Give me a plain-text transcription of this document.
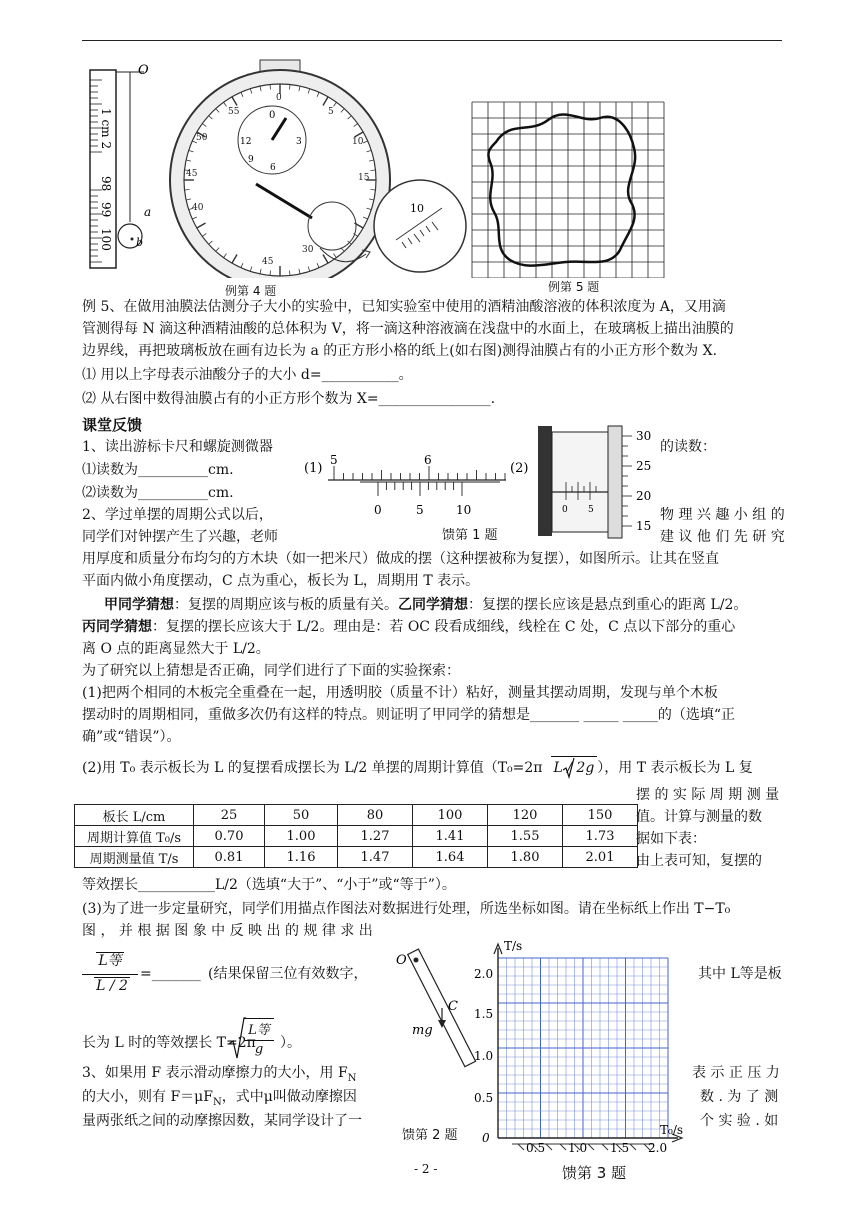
O
a
b
1 cm 2
98
99
100
0
12	3
6
9
0
55
50
45
40
5
10
15
30
45
10
例第 4 题	例第 5 题
例 5、在做用油膜法估测分子大小的实验中，已知实验室中使用的酒精油酸溶液的体积浓度为 A，又用滴
管测得每 N 滴这种酒精油酸的总体积为 V，将一滴这种溶液滴在浅盘中的水面上，在玻璃板上描出油膜的
边界线，再把玻璃板放在画有边长为 a 的正方形小格的纸上(如右图)测得油膜占有的小正方形个数为 X.
⑴ 用以上字母表示油酸分子的大小 d=___________。
⑵ 从右图中数得油膜占有的小正方形个数为 X=________________.
课堂反馈
1、读出游标卡尺和螺旋测微器	的读数：
⑴读数为__________cm.
⑵读数为__________cm.
(1)	(2)
5	6
0	5	10
馈第 1 题
30
25
20
15
0 5
2、学过单摆的周期公式以后，	物 理 兴 趣 小 组 的
同学们对钟摆产生了兴趣，老师	建 议 他 们 先 研 究
用厚度和质量分布均匀的方木块（如一把米尺）做成的摆（这种摆被称为复摆），如图所示。让其在竖直
平面内做小角度摆动，C 点为重心，板长为 L，周期用 T 表示。
甲同学猜想：复摆的周期应该与板的质量有关。乙同学猜想：复摆的摆长应该是悬点到重心的距离 L/2。
丙同学猜想：复摆的摆长应该大于 L/2。理由是：若 OC 段看成细线，线栓在 C 处，C 点以下部分的重心
离 O 点的距离显然大于 L/2。
为了研究以上猜想是否正确，同学们进行了下面的实验探索：
(1)把两个相同的木板完全重叠在一起，用透明胶（质量不计）粘好，测量其摆动周期，发现与单个木板
摆动时的周期相同，重做多次仍有这样的特点。则证明了甲同学的猜想是_______ _____ _____的（选填“正
确”或“错误”）。
(2)用 T₀ 表示板长为 L 的复摆看成摆长为 L/2 单摆的周期计算值（T₀=2π L / 2g ），用 T 表示板长为 L 复
摆 的 实 际 周 期 测 量
值。计算与测量的数
据如下表：
由上表可知，复摆的
板长 L/cm	25	50	80	100	120	150
周期计算值 T₀/s	0.70	1.00	1.27	1.41	1.55	1.73
周期测量值 T/s	0.81	1.16	1.47	1.64	1.80	2.01
等效摆长___________L/2（选填“大于”、“小于”或“等于”）。
(3)为了进一步定量研究，同学们用描点作图法对数据进行处理，所选坐标如图。请在坐标纸上作出 T−T₀
图 ， 并 根 据 图 象 中 反 映 出 的 规 律 求 出
L等
L / 2
=_______ (结果保留三位有效数字，	其中 L等是板
长为 L 时的等效摆长 T=2π
L等
g	）。
O
C
mg
馈第 2 题
T/s
T₀/s
2.0
1.5
1.0
0.5
0
0.5 1.0 1.5 2.0
馈第 3 题
3、如果用 F 表示滑动摩擦力的大小，用 $F_N$	表 示 正 压 力
的大小，则有 $F=\mu F_N$，式中μ叫做动摩擦因	数 . 为 了 测
量两张纸之间的动摩擦因数，某同学设计了一	个 实 验 . 如
- 2 -
